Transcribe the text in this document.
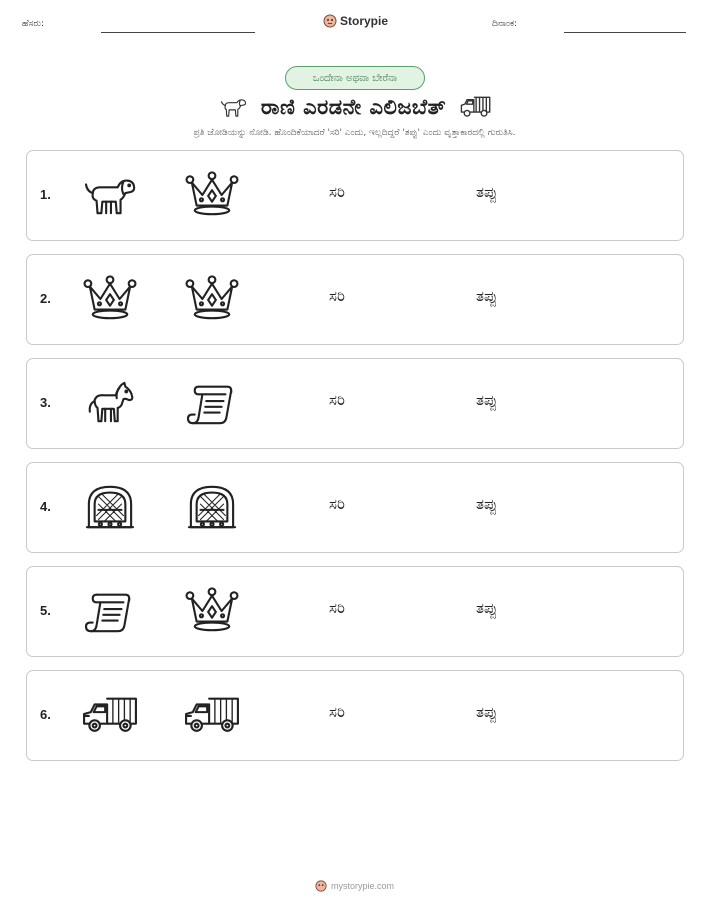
ಹೆಸರು:	Storypie	ದಿನಾಂಕ:
ಒಂದೇನಾ ಅಥವಾ ಬೇರೆನಾ
ರಾಣಿ ಎರಡನೇ ಎಲಿಜಬೆತ್
ಪ್ರತಿ ಜೋಡಿಯನ್ನು ನೋಡಿ. ಹೊಂದಿಕೆಯಾದರೆ 'ಸರಿ' ಎಂದು, ಇಲ್ಲದಿದ್ದರೆ 'ತಪ್ಪು' ಎಂದು ವೃತ್ತಾಕಾರದಲ್ಲಿ ಗುರುತಿಸಿ.
1.	ಸರಿ	ತಪ್ಪು
2.	ಸರಿ	ತಪ್ಪು
3.	ಸರಿ	ತಪ್ಪು
4.	ಸರಿ	ತಪ್ಪು
5.	ಸರಿ	ತಪ್ಪು
6.	ಸರಿ	ತಪ್ಪು
mystorypie.com
